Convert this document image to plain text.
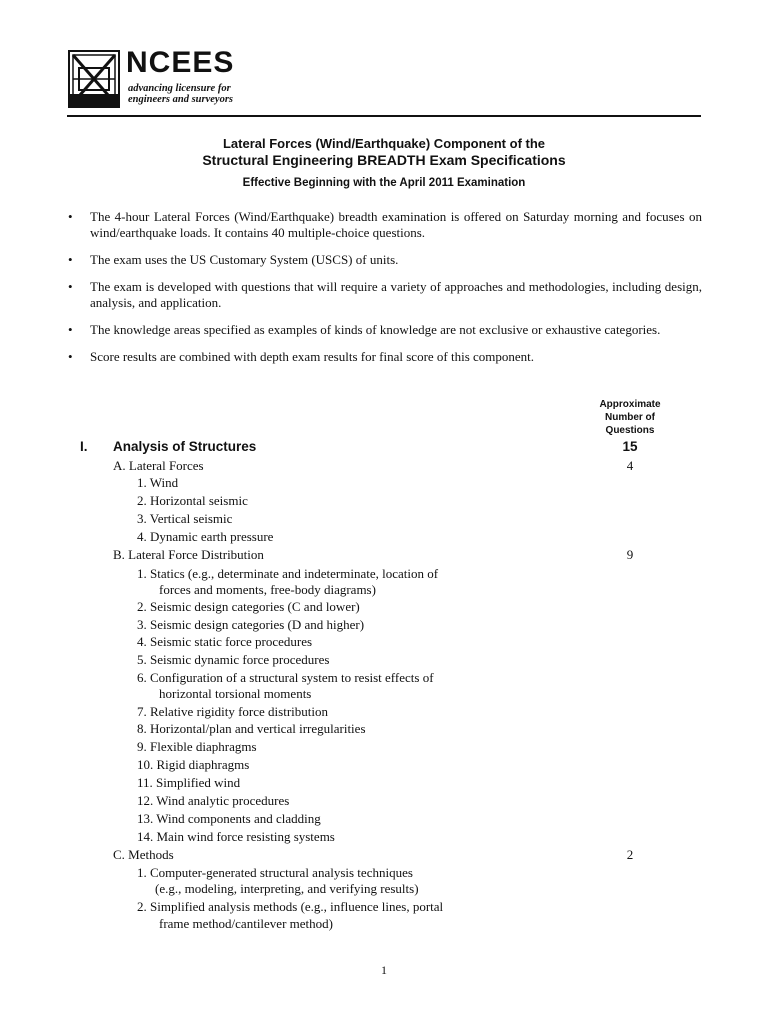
NCEES
advancing licensure for
engineers and surveyors
Lateral Forces (Wind/Earthquake) Component of the
Structural Engineering BREADTH Exam Specifications
Effective Beginning with the April 2011 Examination
• The 4-hour Lateral Forces (Wind/Earthquake) breadth examination is offered on Saturday morning and focuses on wind/earthquake loads. It contains 40 multiple-choice questions.
• The exam uses the US Customary System (USCS) of units.
• The exam is developed with questions that will require a variety of approaches and methodologies, including design, analysis, and application.
• The knowledge areas specified as examples of kinds of knowledge are not exclusive or exhaustive categories.
• Score results are combined with depth exam results for final score of this component.
Approximate
Number of
Questions
I. Analysis of Structures	15
A. Lateral Forces	4
1. Wind
2. Horizontal seismic
3. Vertical seismic
4. Dynamic earth pressure
B. Lateral Force Distribution	9
1. Statics (e.g., determinate and indeterminate, location of
forces and moments, free-body diagrams)
2. Seismic design categories (C and lower)
3. Seismic design categories (D and higher)
4. Seismic static force procedures
5. Seismic dynamic force procedures
6. Configuration of a structural system to resist effects of
horizontal torsional moments
7. Relative rigidity force distribution
8. Horizontal/plan and vertical irregularities
9. Flexible diaphragms
10. Rigid diaphragms
11. Simplified wind
12. Wind analytic procedures
13. Wind components and cladding
14. Main wind force resisting systems
C. Methods	2
1. Computer-generated structural analysis techniques
(e.g., modeling, interpreting, and verifying results)
2. Simplified analysis methods (e.g., influence lines, portal
frame method/cantilever method)
1
